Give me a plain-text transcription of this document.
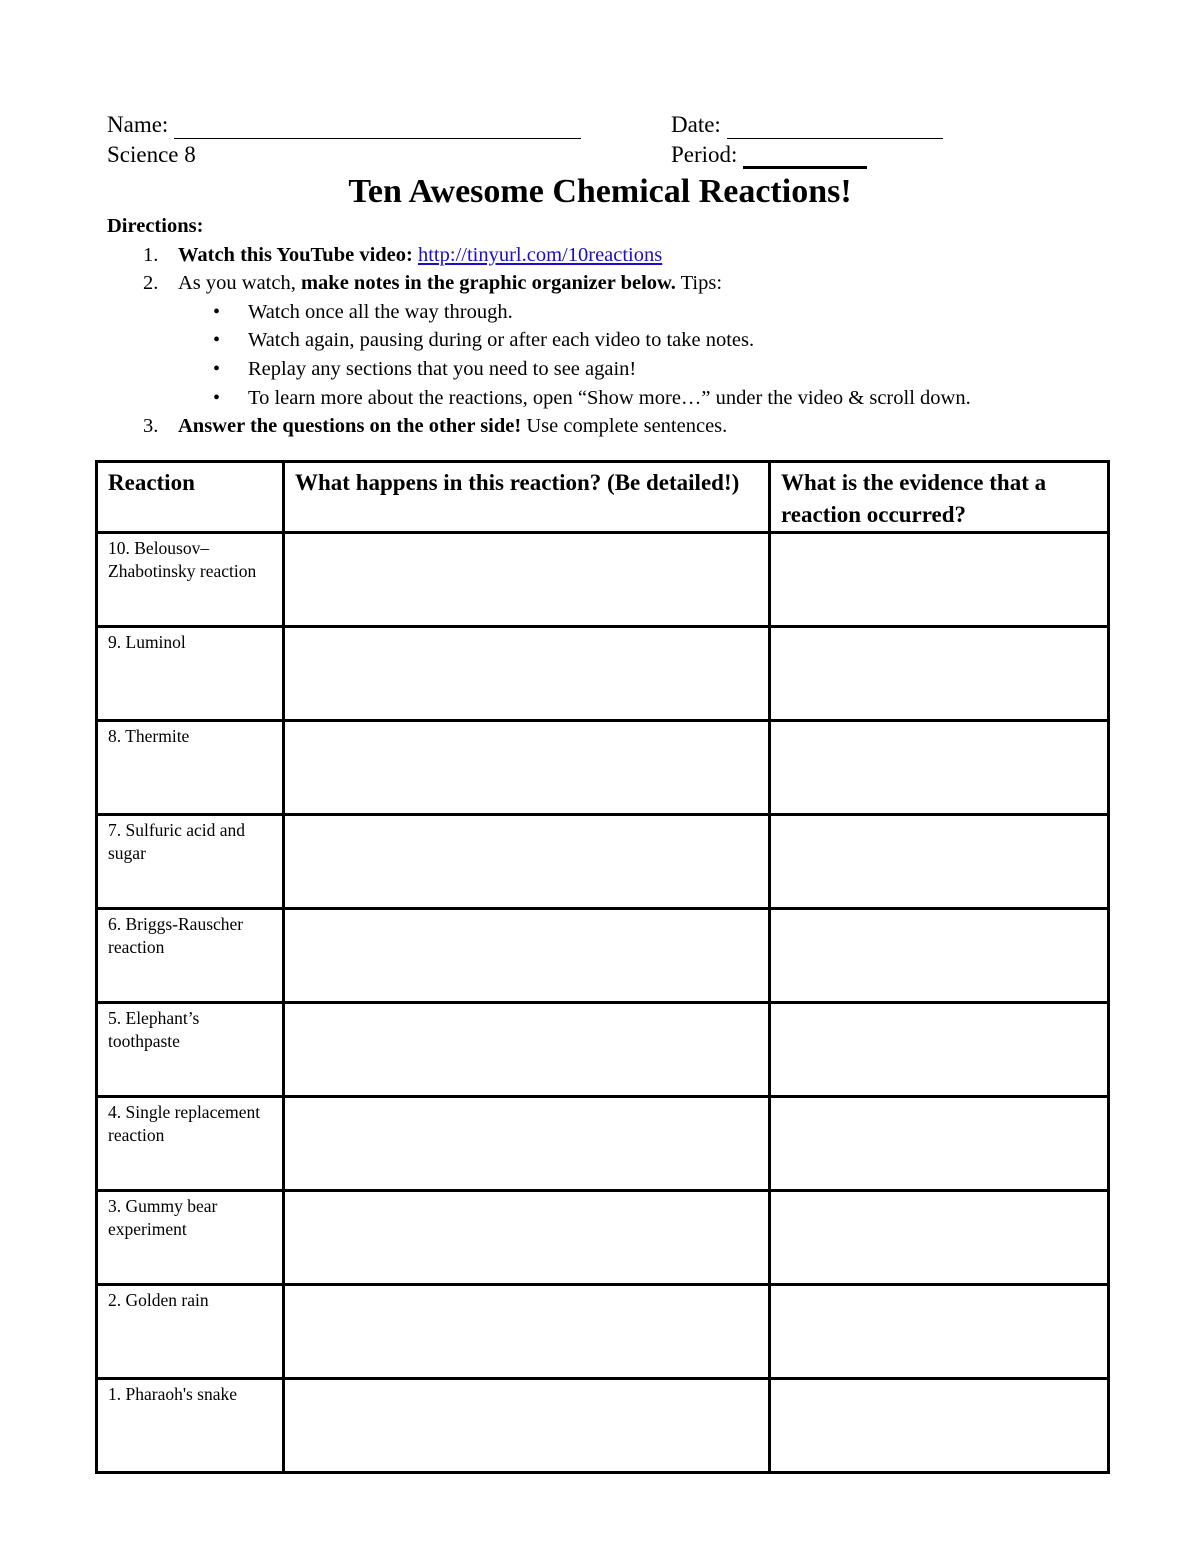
Name:	Date:
Science 8	Period:
Ten Awesome Chemical Reactions!
Directions:
1. Watch this YouTube video: http://tinyurl.com/10reactions
2. As you watch, make notes in the graphic organizer below. Tips:
• Watch once all the way through.
• Watch again, pausing during or after each video to take notes.
• Replay any sections that you need to see again!
• To learn more about the reactions, open “Show more…” under the video & scroll down.
3. Answer the questions on the other side! Use complete sentences.
Reaction	What happens in this reaction? (Be detailed!)	What is the evidence that a reaction occurred?
10. Belousov– Zhabotinsky reaction		
9. Luminol		
8. Thermite		
7. Sulfuric acid and sugar		
6. Briggs-Rauscher reaction		
5. Elephant’s toothpaste		
4. Single replacement reaction		
3. Gummy bear experiment		
2. Golden rain		
1. Pharaoh's snake		
